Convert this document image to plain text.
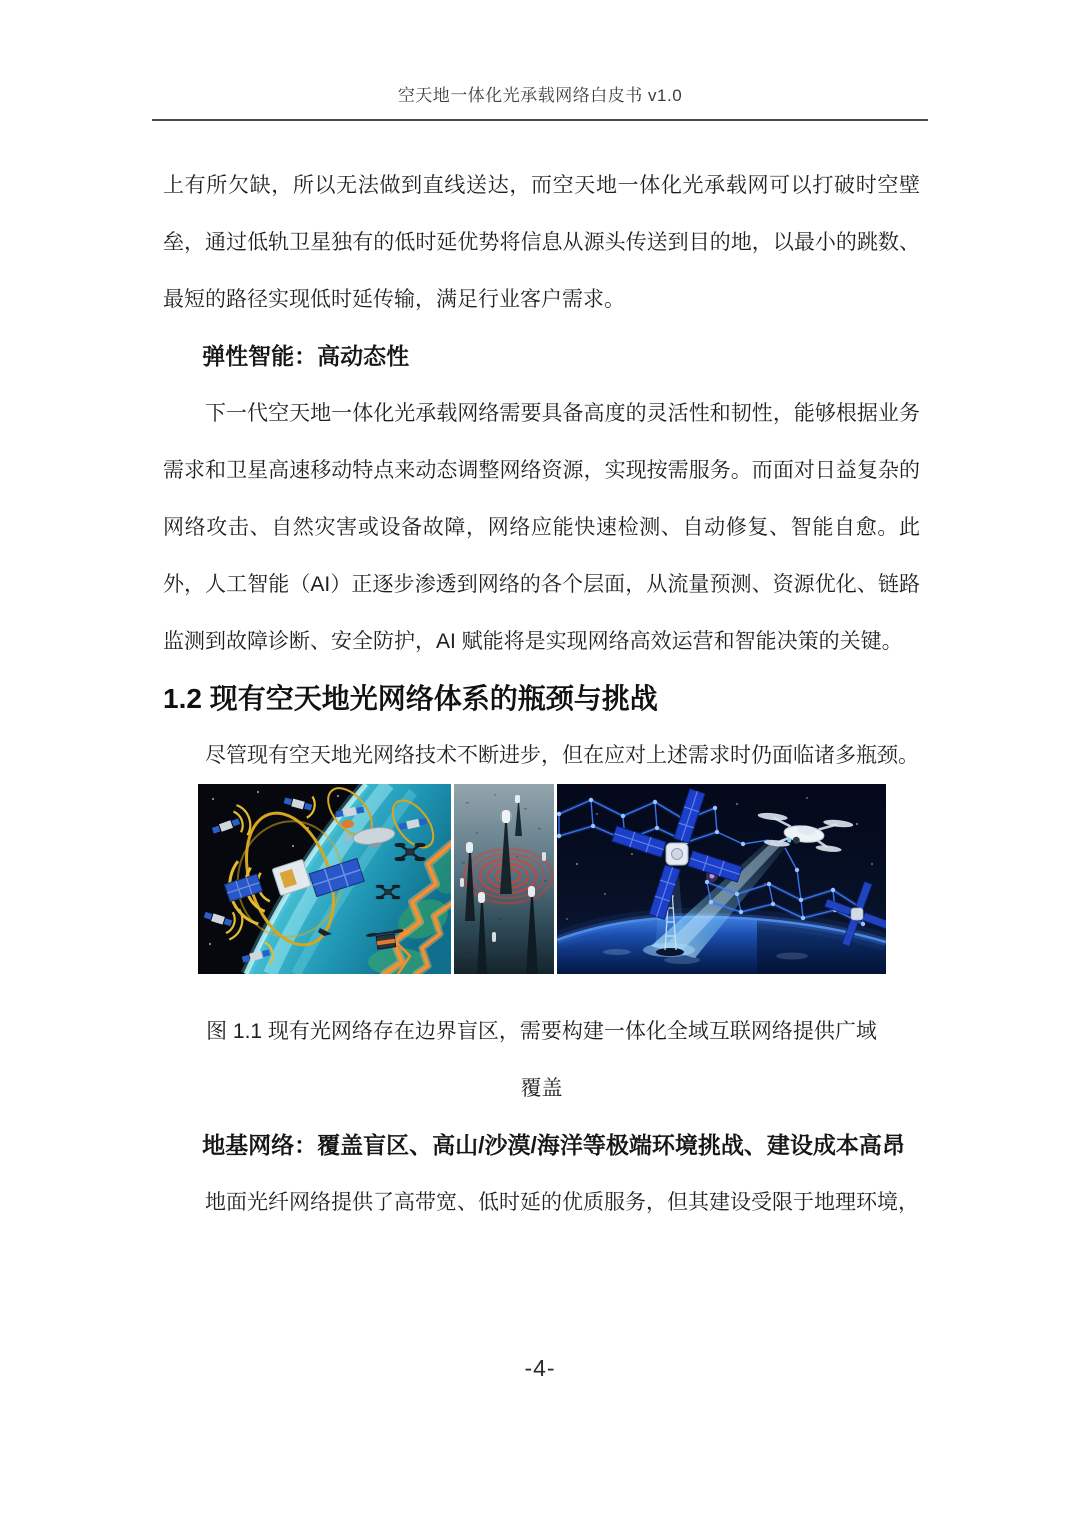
空天地一体化光承载网络白皮书 v1.0

上有所欠缺，所以无法做到直线送达，而空天地一体化光承载网可以打破时空壁垒，通过低轨卫星独有的低时延优势将信息从源头传送到目的地，以最小的跳数、最短的路径实现低时延传输，满足行业客户需求。

弹性智能：高动态性

下一代空天地一体化光承载网络需要具备高度的灵活性和韧性，能够根据业务需求和卫星高速移动特点来动态调整网络资源，实现按需服务。而面对日益复杂的网络攻击、自然灾害或设备故障，网络应能快速检测、自动修复、智能自愈。此外，人工智能（AI）正逐步渗透到网络的各个层面，从流量预测、资源优化、链路监测到故障诊断、安全防护，AI 赋能将是实现网络高效运营和智能决策的关键。

1.2 现有空天地光网络体系的瓶颈与挑战

尽管现有空天地光网络技术不断进步，但在应对上述需求时仍面临诸多瓶颈。

图 1.1 现有光网络存在边界盲区，需要构建一体化全域互联网络提供广域
覆盖

地基网络：覆盖盲区、高山/沙漠/海洋等极端环境挑战、建设成本高昂

地面光纤网络提供了高带宽、低时延的优质服务，但其建设受限于地理环境，

-4-
